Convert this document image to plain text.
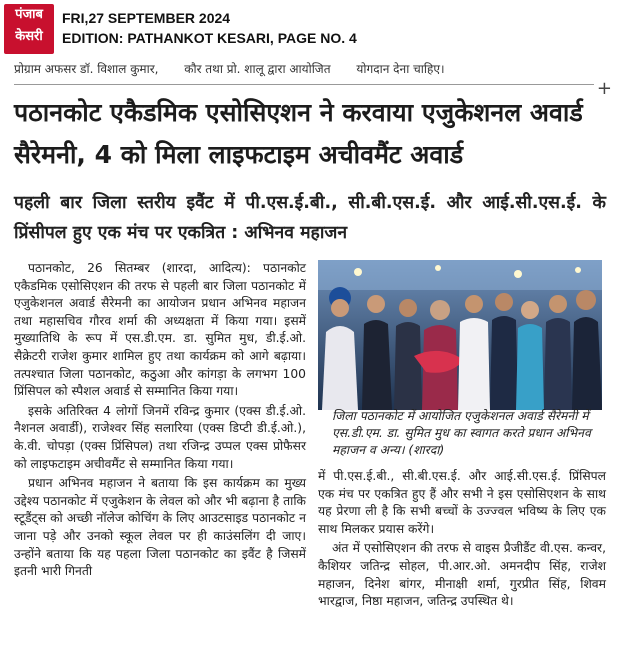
पंजाब
केसरी
FRI,27 SEPTEMBER 2024
EDITION: PATHANKOT KESARI, PAGE NO. 4
प्रोग्राम अफसर डॉ. विशाल कुमार, कौर तथा प्रो. शालू द्वारा आयोजित योगदान देना चाहिए।
+
पठानकोट एकैडमिक एसोसिएशन ने करवाया एजुकेशनल अवार्ड सैरेमनी, 4 को मिला लाइफटाइम अचीवमैंट अवार्ड
पहली बार जिला स्तरीय इवैंट में पी.एस.ई.बी., सी.बी.एस.ई. और आई.सी.एस.ई. के प्रिंसीपल हुए एक मंच पर एकत्रित : अभिनव महाजन

पठानकोट, 26 सितम्बर (शारदा, आदित्य): पठानकोट एकैडमिक एसोसिएशन की तरफ से पहली बार जिला पठानकोट में एजुकेशनल अवार्ड सैरेमनी का आयोजन प्रधान अभिनव महाजन तथा महासचिव गौरव शर्मा की अध्यक्षता में किया गया। इसमें मुख्यातिथि के रूप में एस.डी.एम. डा. सुमित मुध, डी.ई.ओ. सैक्रेटरी राजेश कुमार शामिल हुए तथा कार्यक्रम को आगे बढ़ाया। तत्पश्चात जिला पठानकोट, कठुआ और कांगड़ा के लगभग 100 प्रिंसिपल को स्पैशल अवार्ड से सम्मानित किया गया।

इसके अतिरिक्त 4 लोगों जिनमें रविन्द्र कुमार (एक्स डी.ई.ओ. नैशनल अवार्डी), राजेश्वर सिंह सलारिया (एक्स डिप्टी डी.ई.ओ.), के.वी. चोपड़ा (एक्स प्रिंसिपल) तथा रजिन्द्र उप्पल एक्स प्रोफैसर को लाइफटाइम अचीवमैंट से सम्मानित किया गया।

प्रधान अभिनव महाजन ने बताया कि इस कार्यक्रम का मुख्य उद्देश्य पठानकोट में एजुकेशन के लेवल को और भी बढ़ाना है ताकि स्टूडैंट्स को अच्छी नॉलेज कोचिंग के लिए आउटसाइड पठानकोट न जाना पड़े और उनको स्कूल लेवल पर ही काउंसलिंग दी जाए। उन्होंने बताया कि यह पहला जिला पठानकोट का इवैंट है जिसमें इतनी भारी गिनती

जिला पठानकोट में आयोजित एजुकेशनल अवार्ड सैरेमनी में एस.डी.एम. डा. सुमित मुध का स्वागत करते प्रधान अभिनव महाजन व अन्य। (शारदा)

में पी.एस.ई.बी., सी.बी.एस.ई. और आई.सी.एस.ई. प्रिंसिपल एक मंच पर एकत्रित हुए हैं और सभी ने इस एसोसिएशन के साथ यह प्रेरणा ली है कि सभी बच्चों के उज्ज्वल भविष्य के लिए एक साथ मिलकर प्रयास करेंगे।

अंत में एसोसिएशन की तरफ से वाइस प्रैजीडैंट वी.एस. कन्वर, कैशियर जतिन्द्र सोहल, पी.आर.ओ. अमनदीप सिंह, राजेश महाजन, दिनेश बांगर, मीनाक्षी शर्मा, गुरप्रीत सिंह, शिवम भारद्वाज, निष्ठा महाजन, जतिन्द्र उपस्थित थे।
